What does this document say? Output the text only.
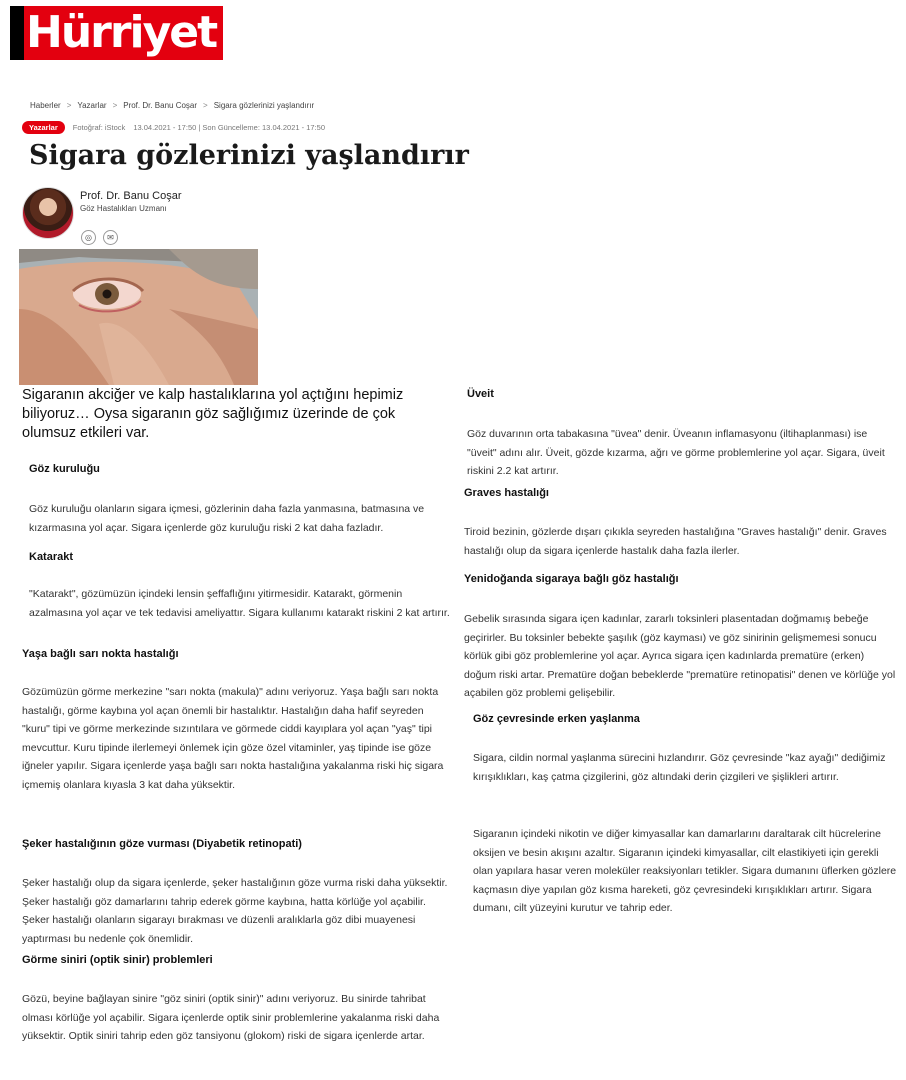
Hürriyet
Haberler > Yazarlar > Prof. Dr. Banu Coşar > Sigara gözlerinizi yaşlandırır
Yazarlar	Fotoğraf: iStock 13.04.2021 - 17:50 | Son Güncelleme: 13.04.2021 - 17:50
Sigara gözlerinizi yaşlandırır
Prof. Dr. Banu Coşar
Göz Hastalıkları Uzmanı
◎	✉

Sigaranın akciğer ve kalp hastalıklarına yol açtığını hepimiz biliyoruz… Oysa sigaranın göz sağlığımız üzerinde de çok olumsuz etkileri var.

Göz kuruluğu

Göz kuruluğu olanların sigara içmesi, gözlerinin daha fazla yanmasına, batmasına ve kızarmasına yol açar. Sigara içenlerde göz kuruluğu riski 2 kat daha fazladır.

Katarakt

"Katarakt", gözümüzün içindeki lensin şeffaflığını yitirmesidir. Katarakt, görmenin azalmasına yol açar ve tek tedavisi ameliyattır. Sigara kullanımı katarakt riskini 2 kat artırır.

Yaşa bağlı sarı nokta hastalığı

Gözümüzün görme merkezine "sarı nokta (makula)" adını veriyoruz. Yaşa bağlı sarı nokta hastalığı, görme kaybına yol açan önemli bir hastalıktır. Hastalığın daha hafif seyreden "kuru" tipi ve görme merkezinde sızıntılara ve görmede ciddi kayıplara yol açan "yaş" tipi mevcuttur. Kuru tipinde ilerlemeyi önlemek için göze özel vitaminler, yaş tipinde ise göze iğneler yapılır. Sigara içenlerde yaşa bağlı sarı nokta hastalığına yakalanma riski hiç sigara içmemiş olanlara kıyasla 3 kat daha yüksektir.

Şeker hastalığının göze vurması (Diyabetik retinopati)

Şeker hastalığı olup da sigara içenlerde, şeker hastalığının göze vurma riski daha yüksektir. Şeker hastalığı göz damarlarını tahrip ederek görme kaybına, hatta körlüğe yol açabilir. Şeker hastalığı olanların sigarayı bırakması ve düzenli aralıklarla göz dibi muayenesi yaptırması bu nedenle çok önemlidir.

Görme siniri (optik sinir) problemleri

Gözü, beyine bağlayan sinire "göz siniri (optik sinir)" adını veriyoruz. Bu sinirde tahribat olması körlüğe yol açabilir. Sigara içenlerde optik sinir problemlerine yakalanma riski daha yüksektir. Optik siniri tahrip eden göz tansiyonu (glokom) riski de sigara içenlerde artar.

Üveit

Göz duvarının orta tabakasına "üvea" denir. Üveanın inflamasyonu (iltihaplanması) ise "üveit" adını alır. Üveit, gözde kızarma, ağrı ve görme problemlerine yol açar. Sigara, üveit riskini 2.2 kat artırır.

Graves hastalığı

Tiroid bezinin, gözlerde dışarı çıkıkla seyreden hastalığına "Graves hastalığı" denir. Graves hastalığı olup da sigara içenlerde hastalık daha fazla ilerler.

Yenidoğanda sigaraya bağlı göz hastalığı

Gebelik sırasında sigara içen kadınlar, zararlı toksinleri plasentadan doğmamış bebeğe geçirirler. Bu toksinler bebekte şaşılık (göz kayması) ve göz sinirinin gelişmemesi sonucu körlük gibi göz problemlerine yol açar. Ayrıca sigara içen kadınlarda prematüre (erken) doğum riski artar. Prematüre doğan bebeklerde "prematüre retinopatisi" denen ve körlüğe yol açabilen göz problemi gelişebilir.

Göz çevresinde erken yaşlanma

Sigara, cildin normal yaşlanma sürecini hızlandırır. Göz çevresinde "kaz ayağı" dediğimiz kırışıklıkları, kaş çatma çizgilerini, göz altındaki derin çizgileri ve şişlikleri artırır.

Sigaranın içindeki nikotin ve diğer kimyasallar kan damarlarını daraltarak cilt hücrelerine oksijen ve besin akışını azaltır. Sigaranın içindeki kimyasallar, cilt elastikiyeti için gerekli olan yapılara hasar veren moleküler reaksiyonları tetikler. Sigara dumanını üflerken gözlere kaçmasın diye yapılan göz kısma hareketi, göz çevresindeki kırışıklıkları artırır. Sigara dumanı, cilt yüzeyini kurutur ve tahrip eder.
